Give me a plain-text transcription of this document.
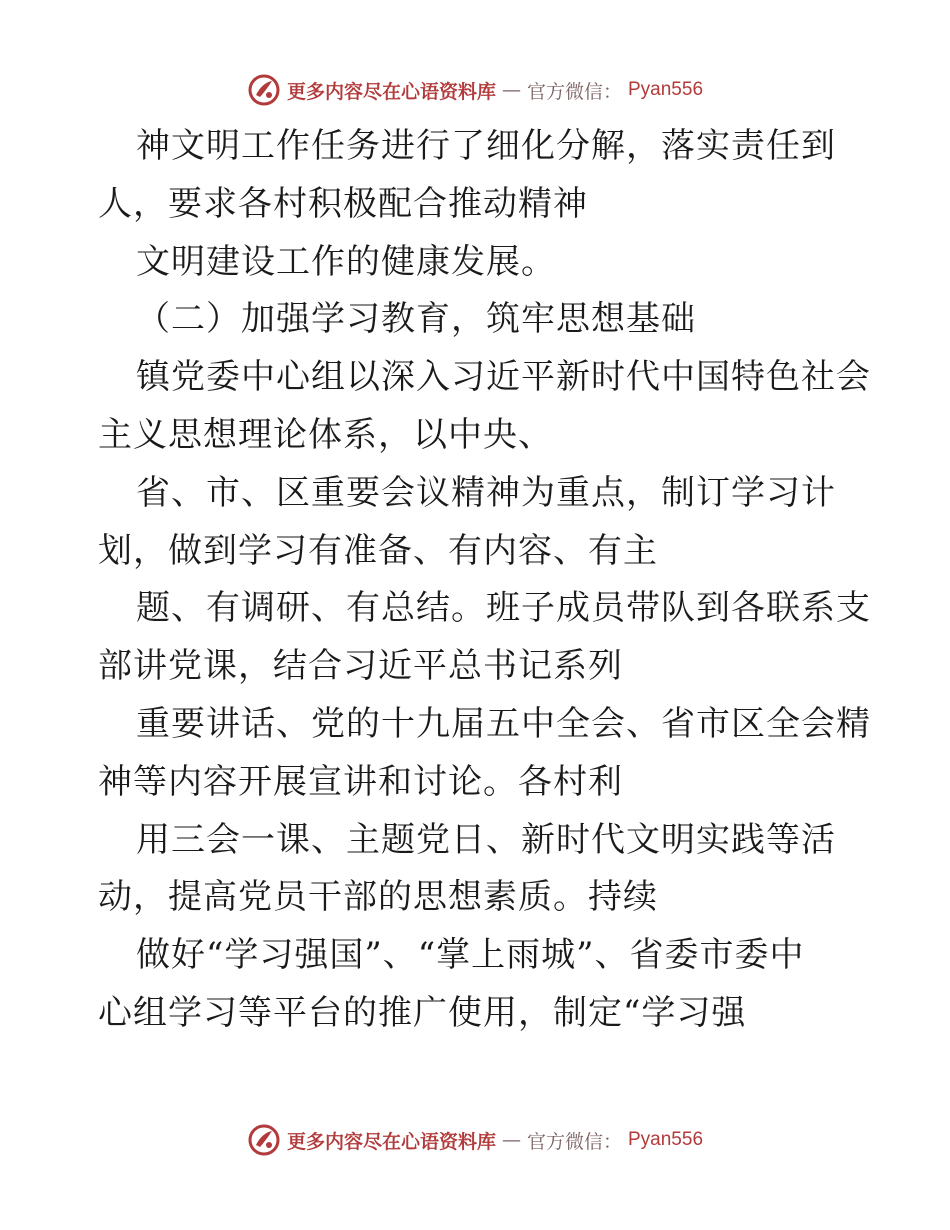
更多内容尽在心语资料库 — 官方微信： Pyan556
神文明工作任务进行了细化分解，落实责任到
人，要求各村积极配合推动精神
文明建设工作的健康发展。
（二）加强学习教育，筑牢思想基础
镇党委中心组以深入习近平新时代中国特色社会
主义思想理论体系，以中央、
省、市、区重要会议精神为重点，制订学习计
划，做到学习有准备、有内容、有主
题、有调研、有总结。班子成员带队到各联系支
部讲党课，结合习近平总书记系列
重要讲话、党的十九届五中全会、省市区全会精
神等内容开展宣讲和讨论。各村利
用三会一课、主题党日、新时代文明实践等活
动，提高党员干部的思想素质。持续
做好“学习强国”、“掌上雨城”、省委市委中
心组学习等平台的推广使用，制定“学习强
更多内容尽在心语资料库 — 官方微信： Pyan556
